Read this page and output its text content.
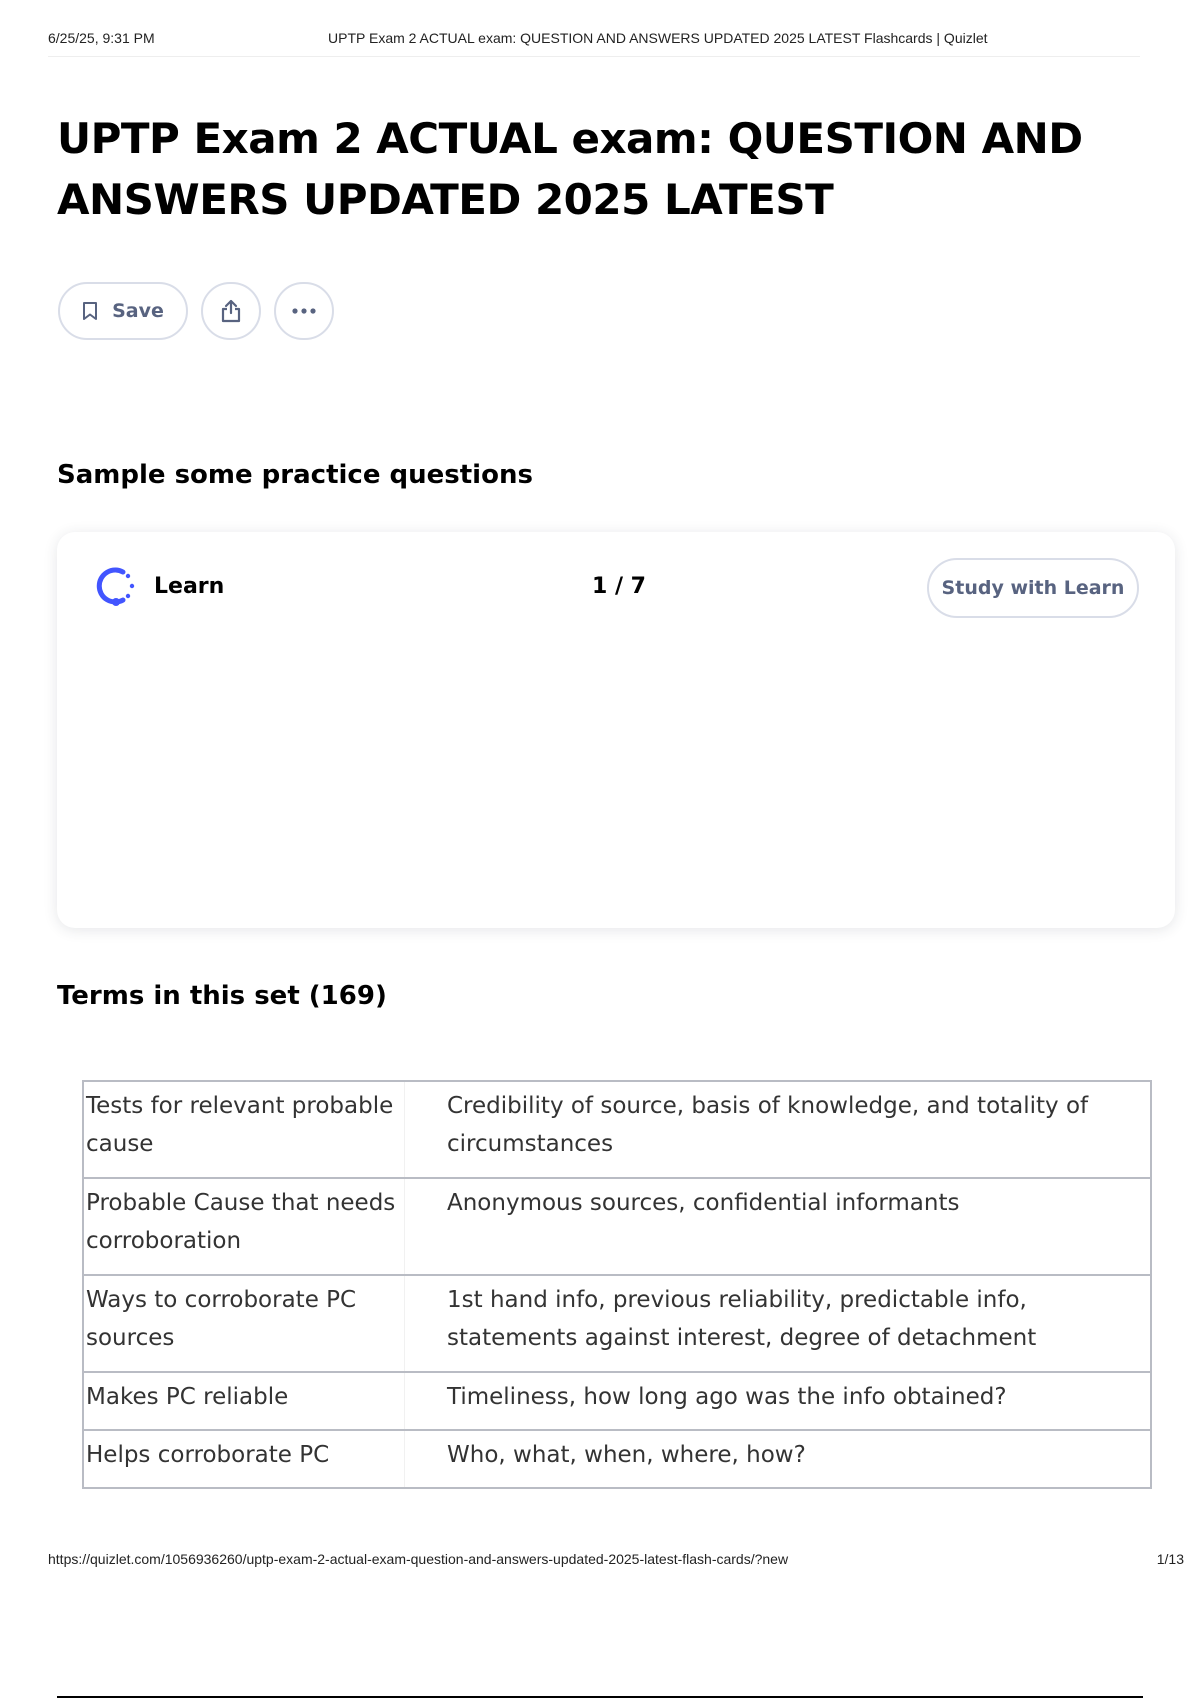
6/25/25, 9:31 PM	UPTP Exam 2 ACTUAL exam: QUESTION AND ANSWERS UPDATED 2025 LATEST Flashcards | Quizlet
UPTP Exam 2 ACTUAL exam: QUESTION AND ANSWERS UPDATED 2025 LATEST
Save
Sample some practice questions
Learn	1 / 7	Study with Learn
Terms in this set (169)
Tests for relevant probable cause	Credibility of source, basis of knowledge, and totality of circumstances
Probable Cause that needs corroboration	Anonymous sources, confidential informants
Ways to corroborate PC sources	1st hand info, previous reliability, predictable info, statements against interest, degree of detachment
Makes PC reliable	Timeliness, how long ago was the info obtained?
Helps corroborate PC	Who, what, when, where, how?
https://quizlet.com/1056936260/uptp-exam-2-actual-exam-question-and-answers-updated-2025-latest-flash-cards/?new	1/13
